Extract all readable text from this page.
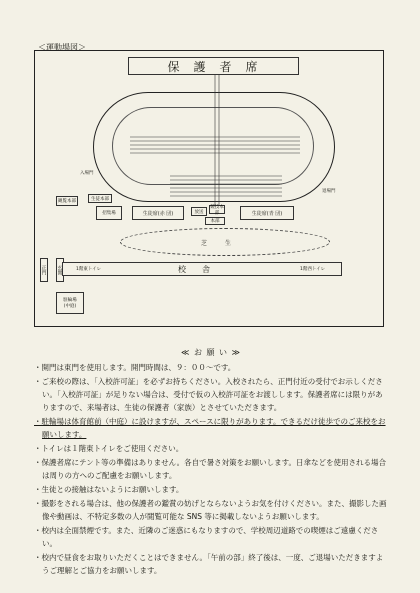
＜運動場図＞
保護者席
観覧本部	生徒本部
招集場	生徒席(赤 団)	生徒席(青 団)
放送
競技本部
本部
入場門
退場門
芝生
正門	玄関	校舎
1階東トイレ	1階西トイレ
駐輪場
(中庭)
≪ お 願 い ≫
・開門は東門を使用します。開門時間は、９：００～です。
・ご来校の際は、「入校許可証」を必ずお持ちください。入校されたら、正門付近の受付でお示しください。「入校許可証」が足りない場合は、受付で仮の入校許可証をお渡しします。保護者席には限りがありますので、来場者は、生徒の保護者（家族）とさせていただきます。
・駐輪場は体育館前（中庭）に設けますが、スペースに限りがあります。できるだけ徒歩でのご来校をお願いします。
・トイレは１階東トイレをご使用ください。
・保護者席にテント等の準備はありません。各自で暑さ対策をお願いします。日傘などを使用される場合は周りの方へのご配慮をお願いします。
・生徒との接触はないようにお願いします。
・撮影をされる場合は、他の保護者の鑑賞の妨げとならないようお気を付けください。また、撮影した画像や動画は、不特定多数の人が閲覧可能な SNS 等に掲載しないようお願いします。
・校内は全面禁煙です。また、近隣のご迷惑にもなりますので、学校周辺道路での喫煙はご遠慮ください。
・校内で昼食をお取りいただくことはできません。「午前の部」終了後は、一度、ご退場いただきますようご理解とご協力をお願いします。
